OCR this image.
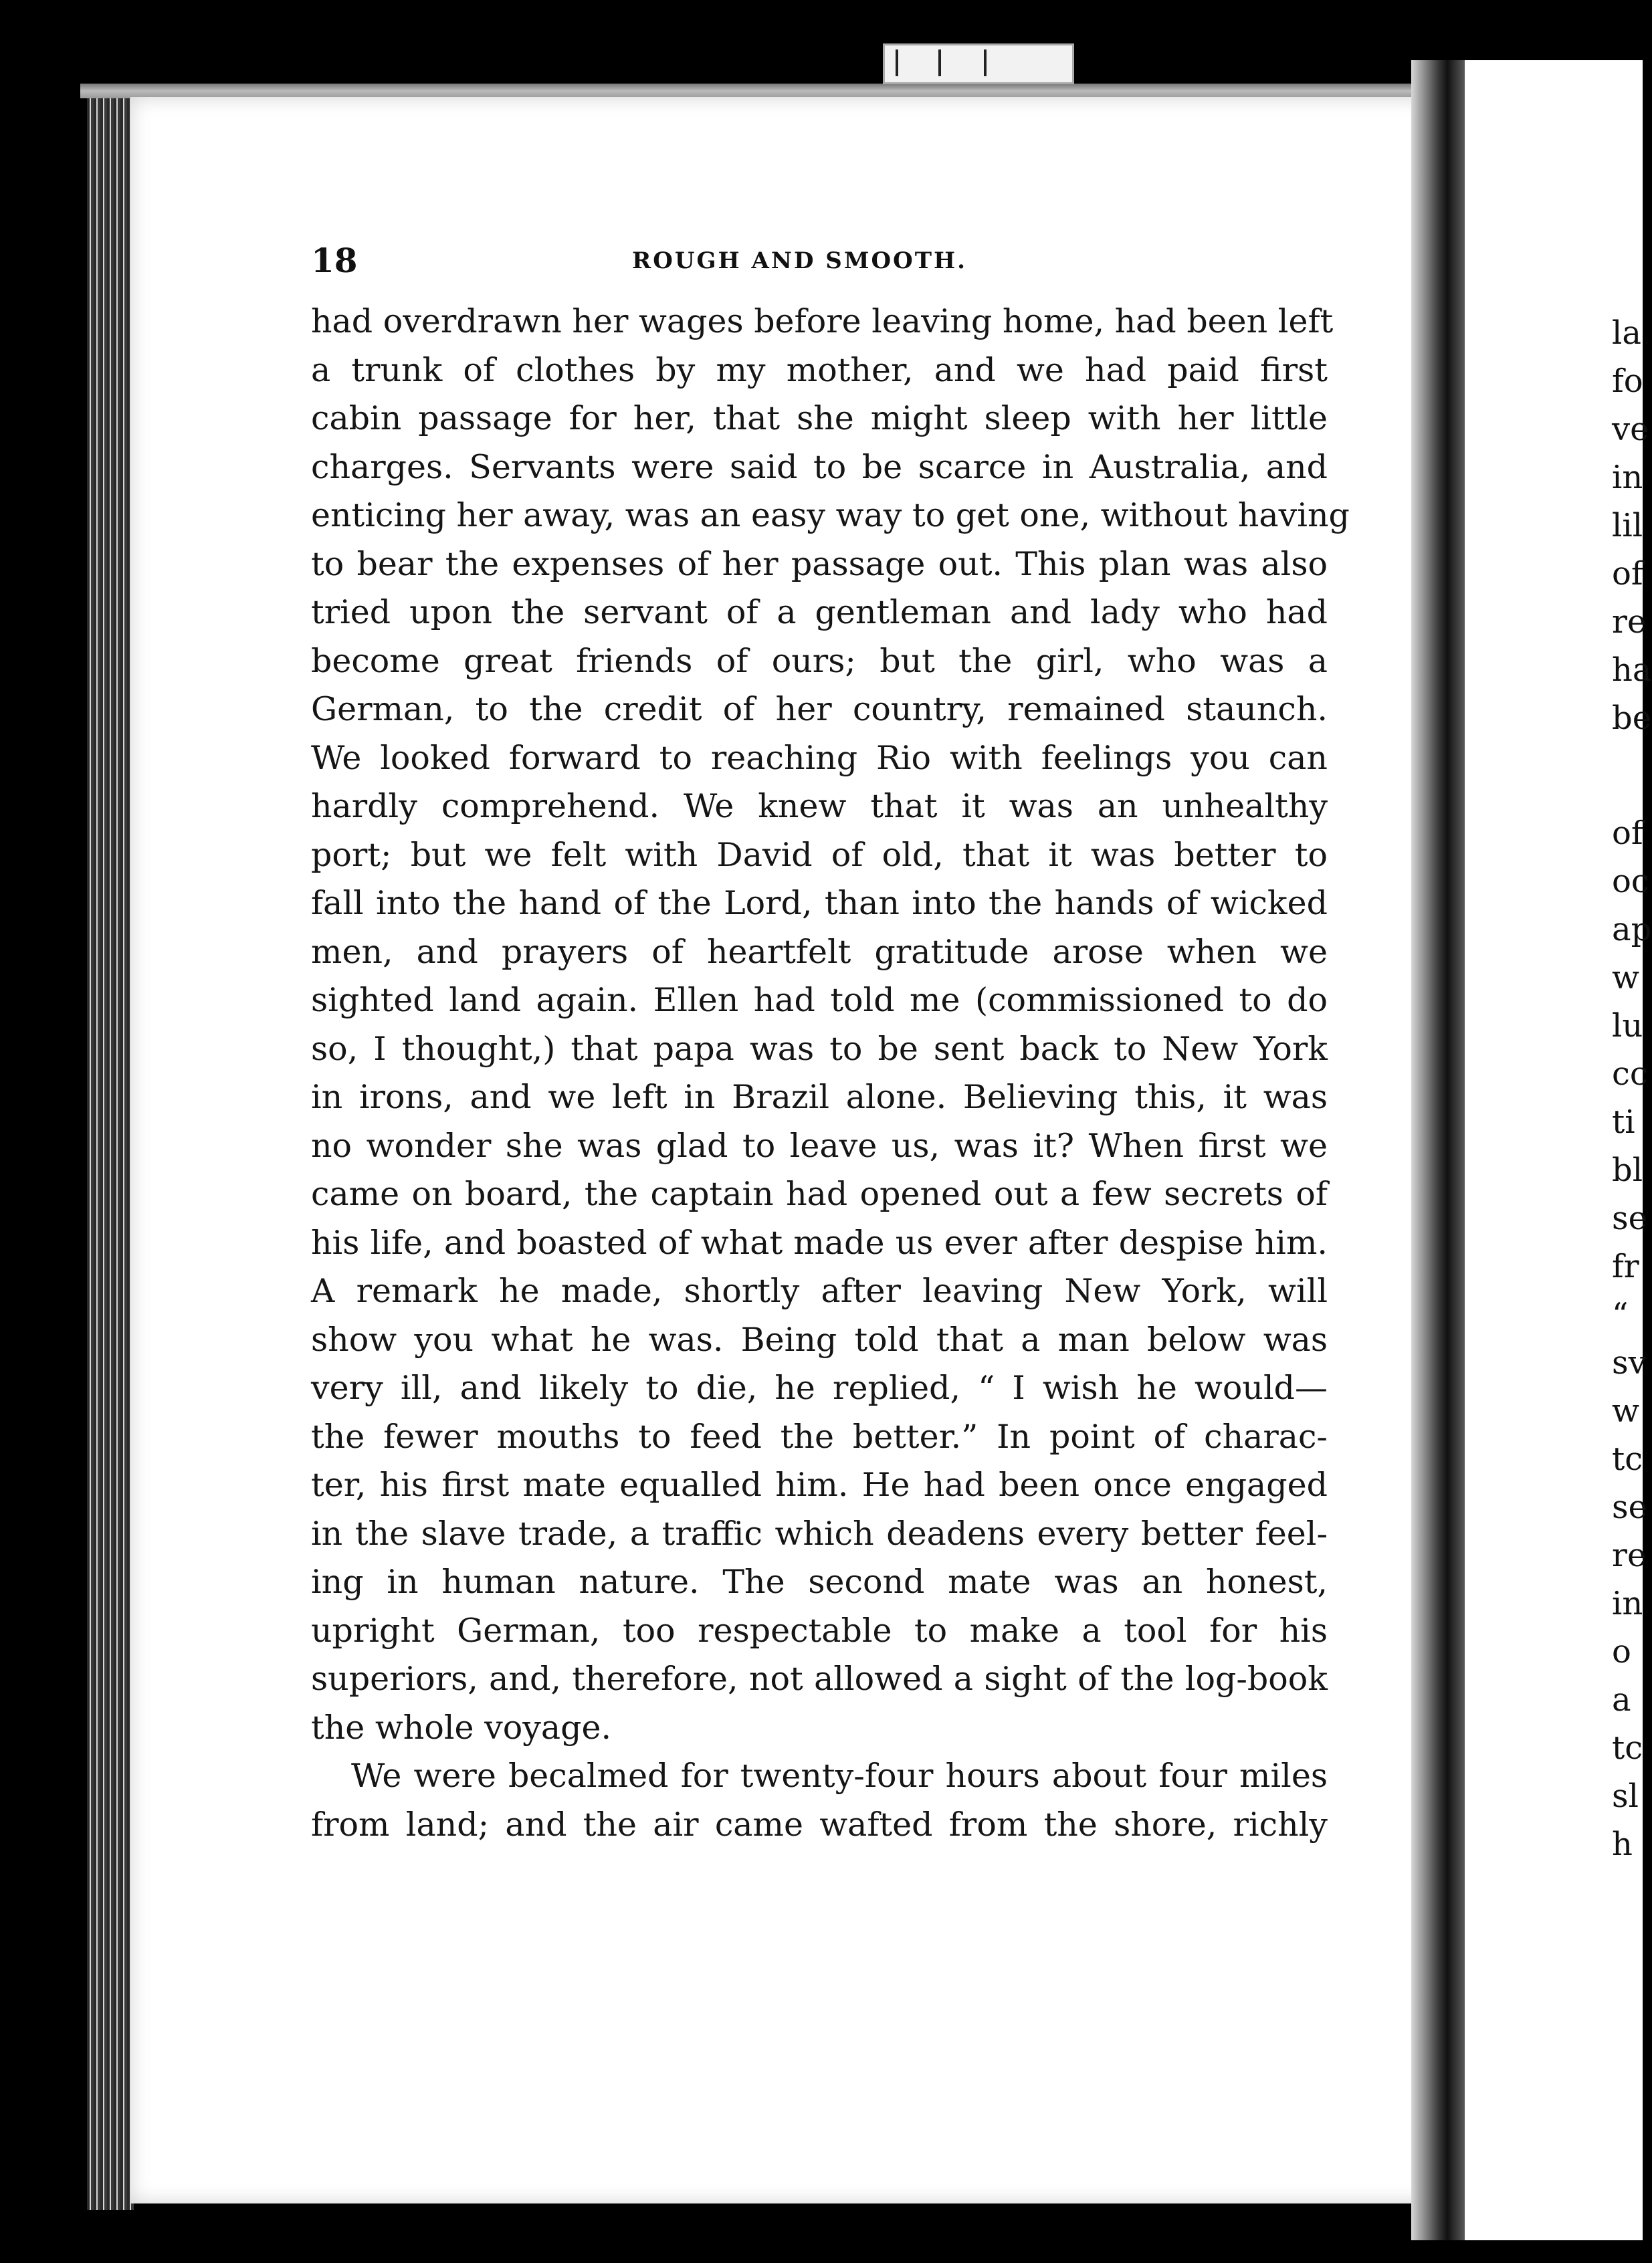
18	ROUGH AND SMOOTH.
had overdrawn her wages before leaving home, had been left
a trunk of clothes by my mother, and we had paid first
cabin passage for her, that she might sleep with her little
charges. Servants were said to be scarce in Australia, and
enticing her away, was an easy way to get one, without having
to bear the expenses of her passage out. This plan was also
tried upon the servant of a gentleman and lady who had
become great friends of ours; but the girl, who was a
German, to the credit of her country, remained staunch.
We looked forward to reaching Rio with feelings you can
hardly comprehend. We knew that it was an unhealthy
port; but we felt with David of old, that it was better to
fall into the hand of the Lord, than into the hands of wicked
men, and prayers of heartfelt gratitude arose when we
sighted land again. Ellen had told me (commissioned to do
so, I thought,) that papa was to be sent back to New York
in irons, and we left in Brazil alone. Believing this, it was
no wonder she was glad to leave us, was it? When first we
came on board, the captain had opened out a few secrets of
his life, and boasted of what made us ever after despise him.
A remark he made, shortly after leaving New York, will
show you what he was. Being told that a man below was
very ill, and likely to die, he replied, “ I wish he would—
the fewer mouths to feed the better.” In point of charac-
ter, his first mate equalled him. He had been once engaged
in the slave trade, a traffic which deadens every better feel-
ing in human nature. The second mate was an honest,
upright German, too respectable to make a tool for his
superiors, and, therefore, not allowed a sight of the log-book
the whole voyage.
We were becalmed for twenty-four hours about four miles
from land; and the air came wafted from the shore, richly
la
fo
ve
in
lil
of
re
ha
be
of
oc
ap
w
lu
cc
ti
bl
se
fr
“
sv
w
tc
se
re
in
o
a
tc
sl
h
